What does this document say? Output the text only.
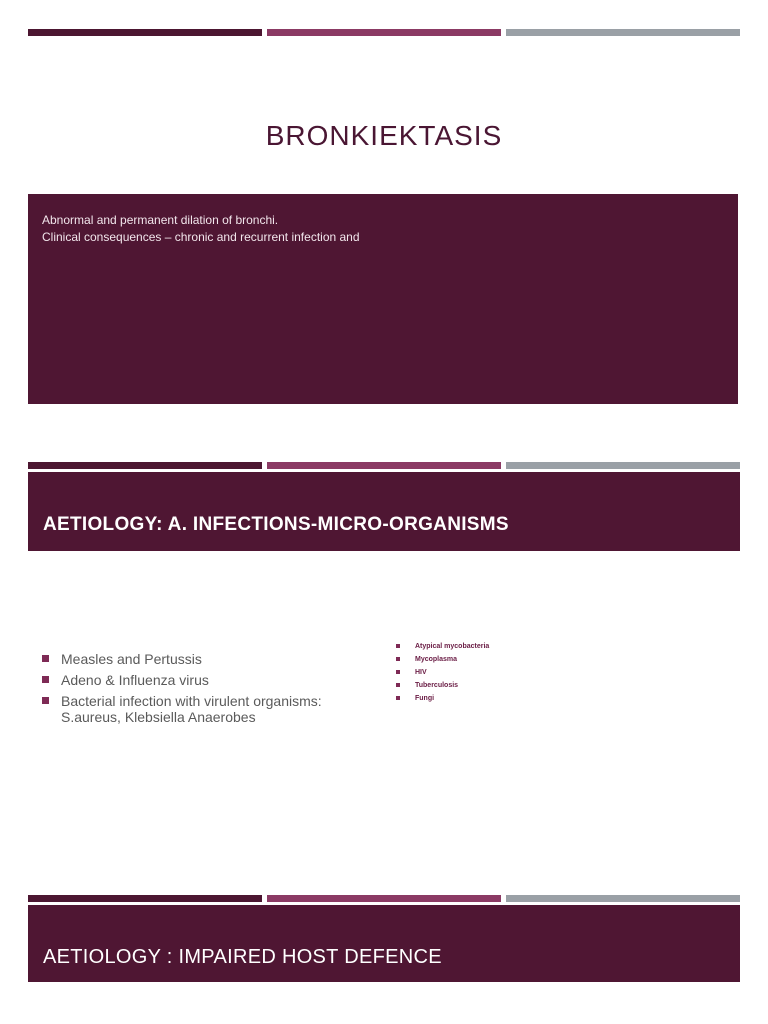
BRONKIEKTASIS
Abnormal and permanent dilation of bronchi.
Clinical consequences – chronic and recurrent infection and
AETIOLOGY: A. INFECTIONS-MICRO-ORGANISMS
Measles and Pertussis
Adeno & Influenza virus
Bacterial infection with virulent organisms: S.aureus, Klebsiella Anaerobes
Atypical mycobacteria
Mycoplasma
HIV
Tuberculosis
Fungi
AETIOLOGY : IMPAIRED HOST DEFENCE
